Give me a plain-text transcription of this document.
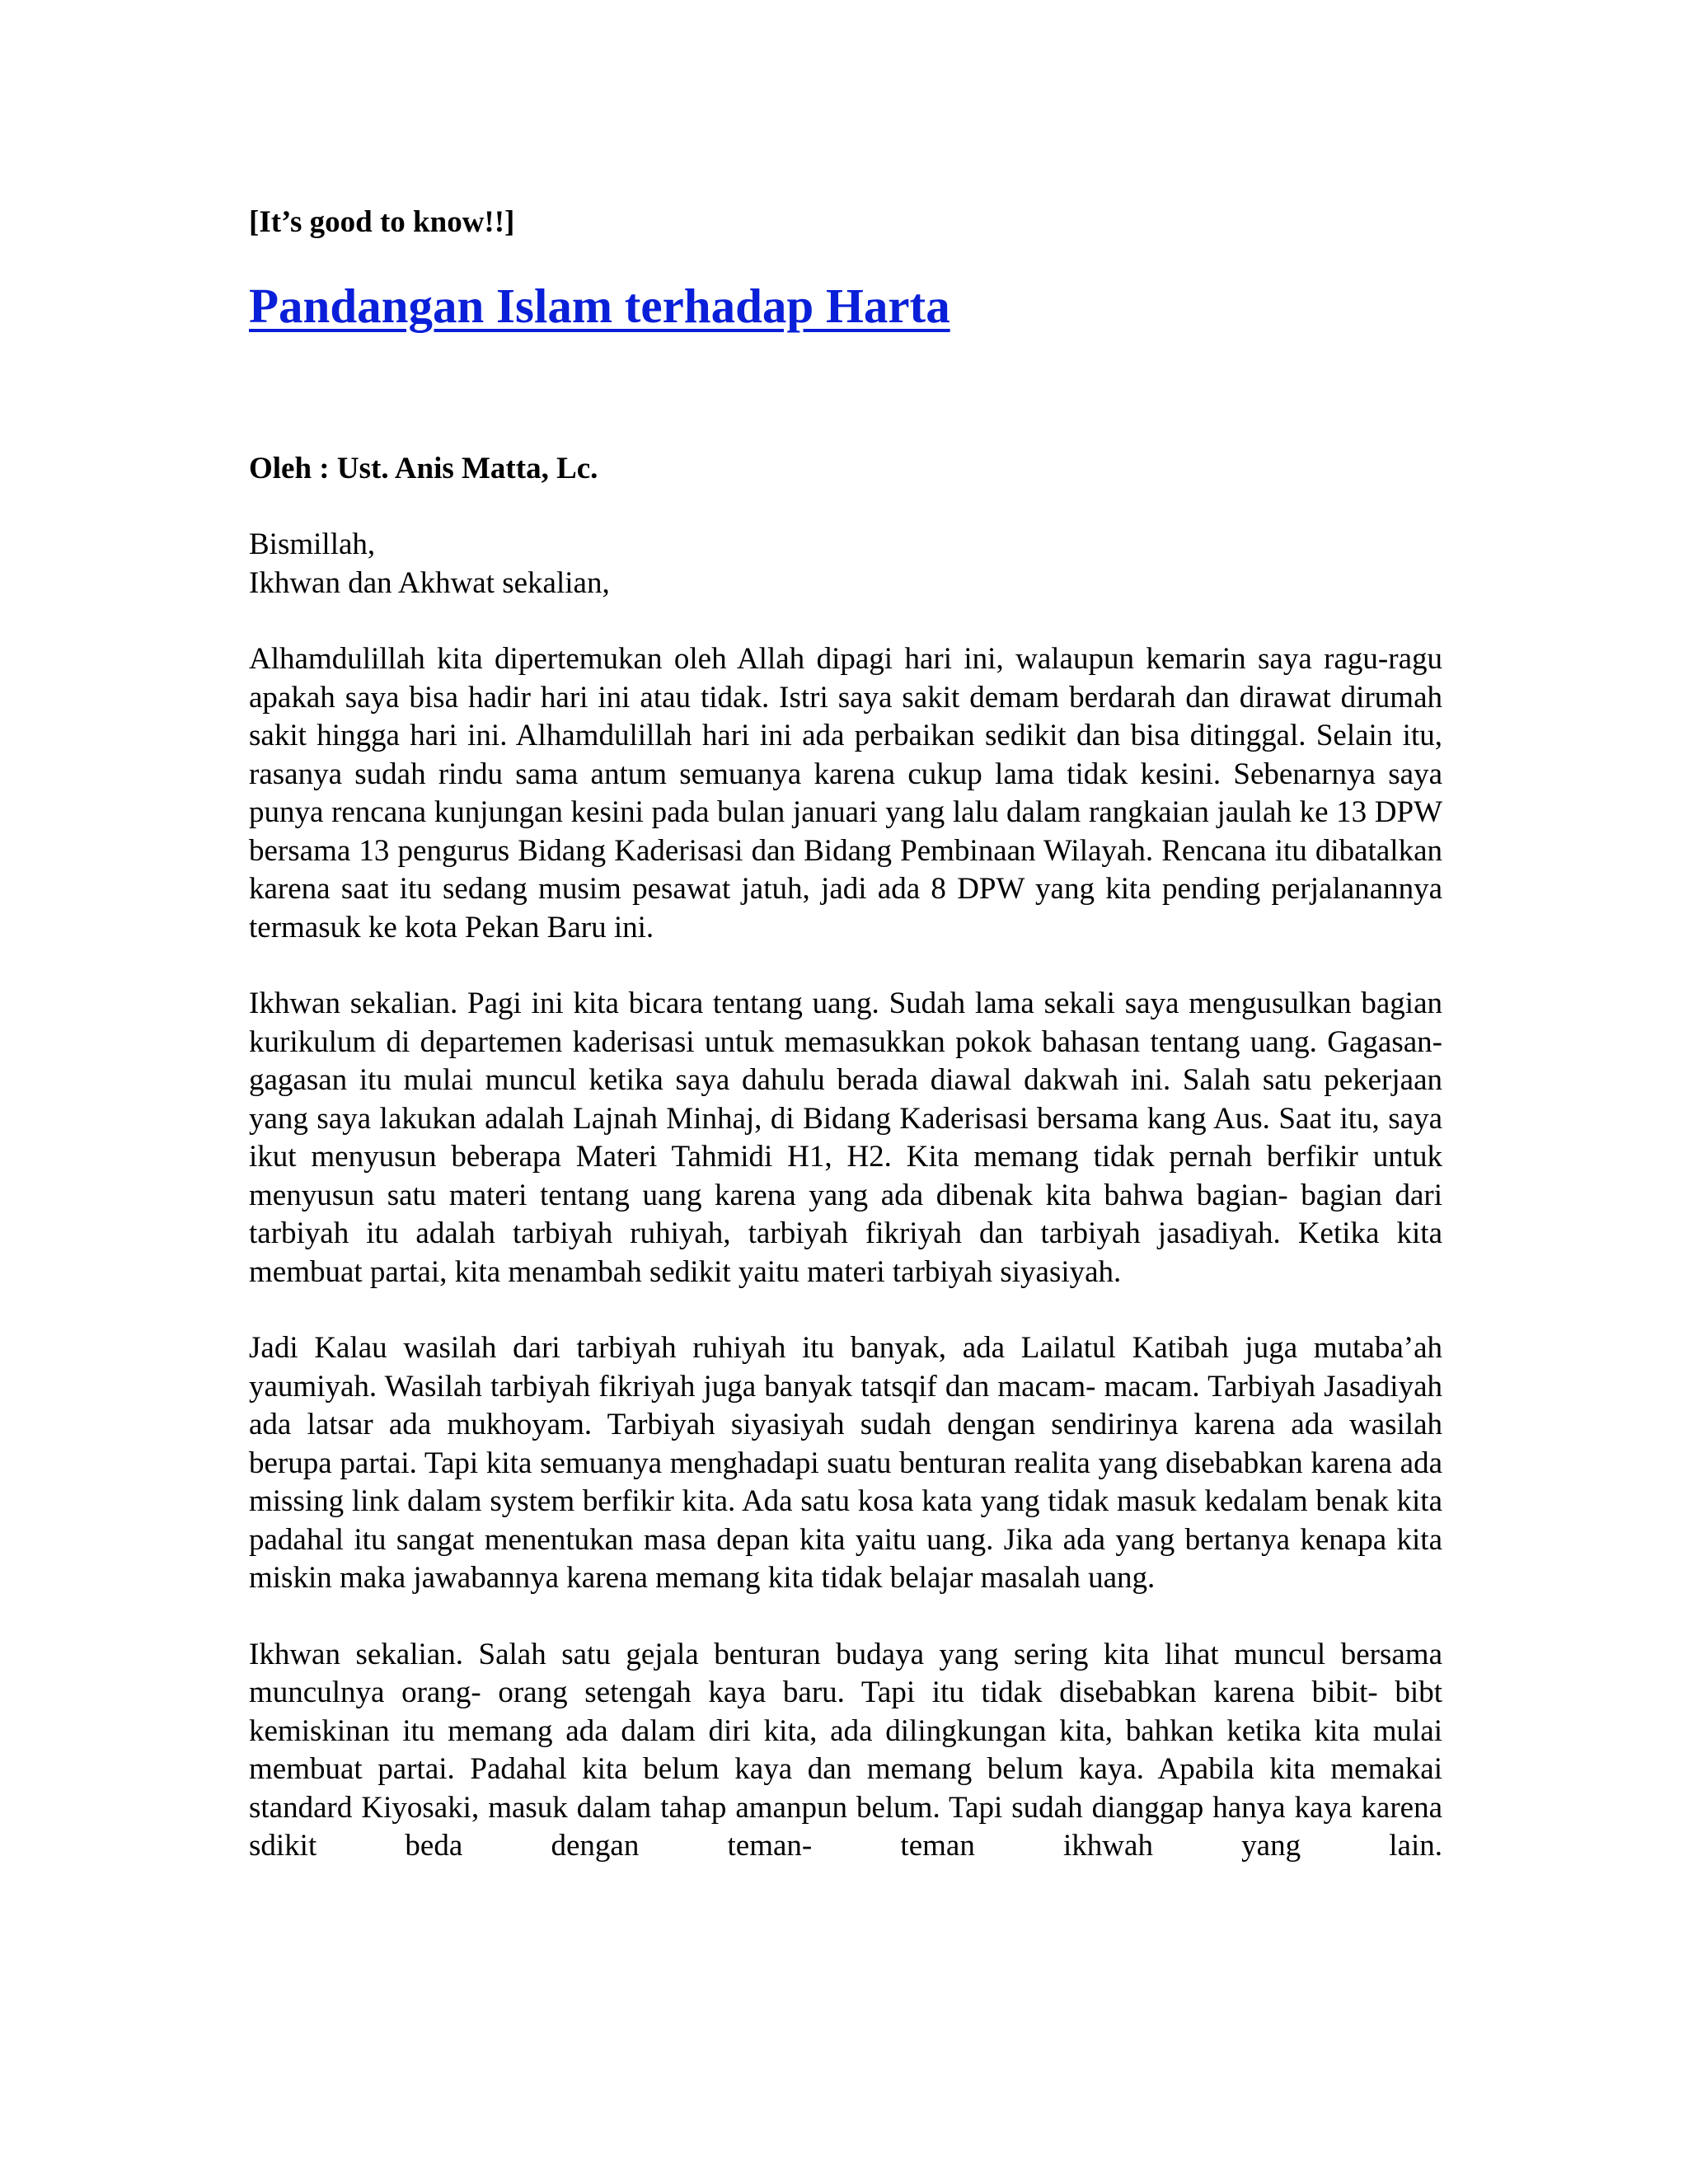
[It’s good to know!!]

Pandangan Islam terhadap Harta

Oleh : Ust. Anis Matta, Lc.

Bismillah,
Ikhwan dan Akhwat sekalian,

Alhamdulillah kita dipertemukan oleh Allah dipagi hari ini, walaupun kemarin saya ragu-ragu apakah saya bisa hadir hari ini atau tidak. Istri saya sakit demam berdarah dan dirawat dirumah sakit hingga hari ini. Alhamdulillah hari ini ada perbaikan sedikit dan bisa ditinggal. Selain itu, rasanya sudah rindu sama antum semuanya karena cukup lama tidak kesini. Sebenarnya saya punya rencana kunjungan kesini pada bulan januari yang lalu dalam rangkaian jaulah ke 13 DPW bersama 13 pengurus Bidang Kaderisasi dan Bidang Pembinaan Wilayah. Rencana itu dibatalkan karena saat itu sedang musim pesawat jatuh, jadi ada 8 DPW yang kita pending perjalanannya termasuk ke kota Pekan Baru ini.

Ikhwan sekalian. Pagi ini kita bicara tentang uang. Sudah lama sekali saya mengusulkan bagian kurikulum di departemen kaderisasi untuk memasukkan pokok bahasan tentang uang. Gagasan- gagasan itu mulai muncul ketika saya dahulu berada diawal dakwah ini. Salah satu pekerjaan yang saya lakukan adalah Lajnah Minhaj, di Bidang Kaderisasi bersama kang Aus. Saat itu, saya ikut menyusun beberapa Materi Tahmidi H1, H2. Kita memang tidak pernah berfikir untuk menyusun satu materi tentang uang karena yang ada dibenak kita bahwa bagian- bagian dari tarbiyah itu adalah tarbiyah ruhiyah, tarbiyah fikriyah dan tarbiyah jasadiyah. Ketika kita membuat partai, kita menambah sedikit yaitu materi tarbiyah siyasiyah.

Jadi Kalau wasilah dari tarbiyah ruhiyah itu banyak, ada Lailatul Katibah juga mutaba’ah yaumiyah. Wasilah tarbiyah fikriyah juga banyak tatsqif dan macam- macam. Tarbiyah Jasadiyah ada latsar ada mukhoyam. Tarbiyah siyasiyah sudah dengan sendirinya karena ada wasilah berupa partai. Tapi kita semuanya menghadapi suatu benturan realita yang disebabkan karena ada missing link dalam system berfikir kita. Ada satu kosa kata yang tidak masuk kedalam benak kita padahal itu sangat menentukan masa depan kita yaitu uang. Jika ada yang bertanya kenapa kita miskin maka jawabannya karena memang kita tidak belajar masalah uang.

Ikhwan sekalian. Salah satu gejala benturan budaya yang sering kita lihat muncul bersama munculnya orang- orang setengah kaya baru. Tapi itu tidak disebabkan karena bibit- bibt kemiskinan itu memang ada dalam diri kita, ada dilingkungan kita, bahkan ketika kita mulai membuat partai. Padahal kita belum kaya dan memang belum kaya. Apabila kita memakai standard Kiyosaki, masuk dalam tahap amanpun belum. Tapi sudah dianggap hanya kaya karena sdikit beda dengan teman- teman ikhwah yang lain.
